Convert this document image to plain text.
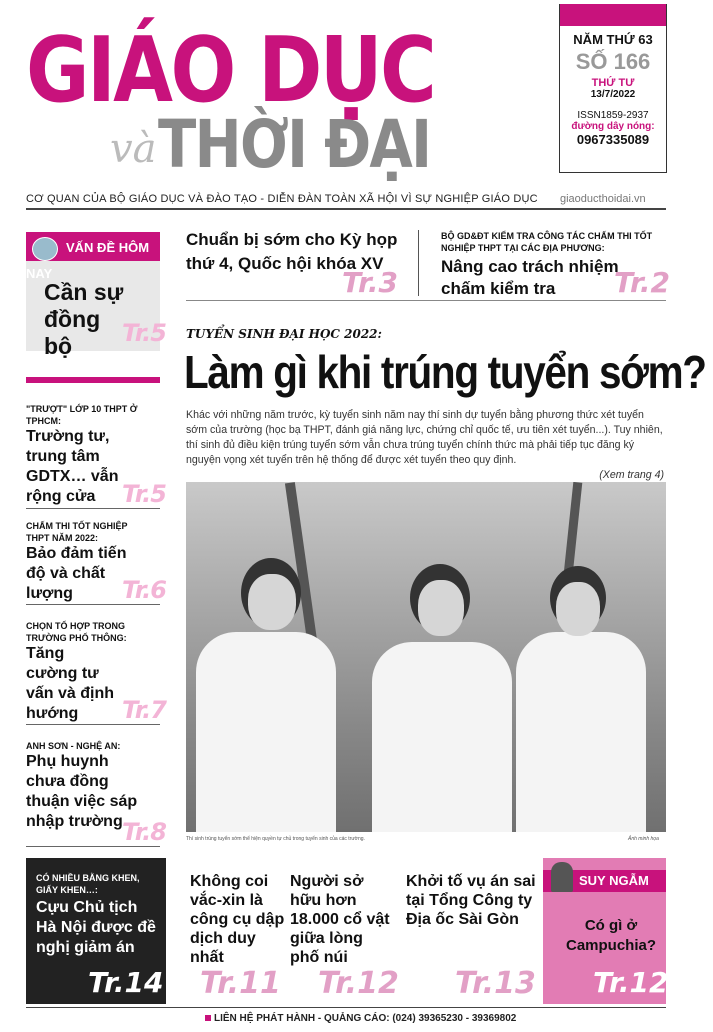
GIÁO DỤC
và THỜI ĐẠI
NĂM THỨ 63
SỐ 166
THỨ TƯ
13/7/2022
ISSN1859-2937
đường dây nóng:
0967335089
CƠ QUAN CỦA BỘ GIÁO DỤC VÀ ĐÀO TẠO - DIỄN ĐÀN TOÀN XÃ HỘI VÌ SỰ NGHIỆP GIÁO DỤC giaoducthoidai.vn
VẤN ĐỀ HÔM NAY
Cần sự đồng bộ	Tr.5
Chuẩn bị sớm cho Kỳ họp thứ 4, Quốc hội khóa XV
Tr.3
BỘ GD&ĐT KIỂM TRA CÔNG TÁC CHẤM THI TỐT NGHIỆP THPT TẠI CÁC ĐỊA PHƯƠNG:
Nâng cao trách nhiệm chấm kiểm tra	Tr.2
TUYỂN SINH ĐẠI HỌC 2022:
Làm gì khi trúng tuyển sớm?
Khác với những năm trước, kỳ tuyển sinh năm nay thí sinh dự tuyển bằng phương thức xét tuyển sớm của trường (học bạ THPT, đánh giá năng lực, chứng chỉ quốc tế, ưu tiên xét tuyển...). Tuy nhiên, thí sinh đủ điều kiện trúng tuyển sớm vẫn chưa trúng tuyển chính thức mà phải tiếp tục đăng ký nguyện vọng xét tuyển trên hệ thống để được xét tuyển theo quy định.
(Xem trang 4)
Thí sinh trúng tuyển sớm thể hiện quyền tự chủ trong tuyển sinh của các trường.	Ảnh minh họa
"TRƯỢT" LỚP 10 THPT Ở TPHCM:
Trường tư, trung tâm GDTX… vẫn rộng cửa	Tr.5
CHẤM THI TỐT NGHIỆP THPT NĂM 2022:
Bảo đảm tiến độ và chất lượng	Tr.6
CHỌN TỔ HỢP TRONG TRƯỜNG PHỔ THÔNG:
Tăng cường tư vấn và định hướng	Tr.7
ANH SƠN - NGHỆ AN:
Phụ huynh chưa đồng thuận việc sáp nhập trường Tr.8
CÓ NHIỀU BẰNG KHEN, GIẤY KHEN…:
Cựu Chủ tịch Hà Nội được đề nghị giảm án
Tr.14
Không coi vắc-xin là công cụ dập dịch duy nhất
Tr.11
Người sở hữu hơn 18.000 cổ vật giữa lòng phố núi
Tr.12
Khởi tố vụ án sai tại Tổng Công ty Địa ốc Sài Gòn
Tr.13
SUY NGẪM
Có gì ở Campuchia?
Tr.12
LIÊN HỆ PHÁT HÀNH - QUẢNG CÁO: (024) 39365230 - 39369802
